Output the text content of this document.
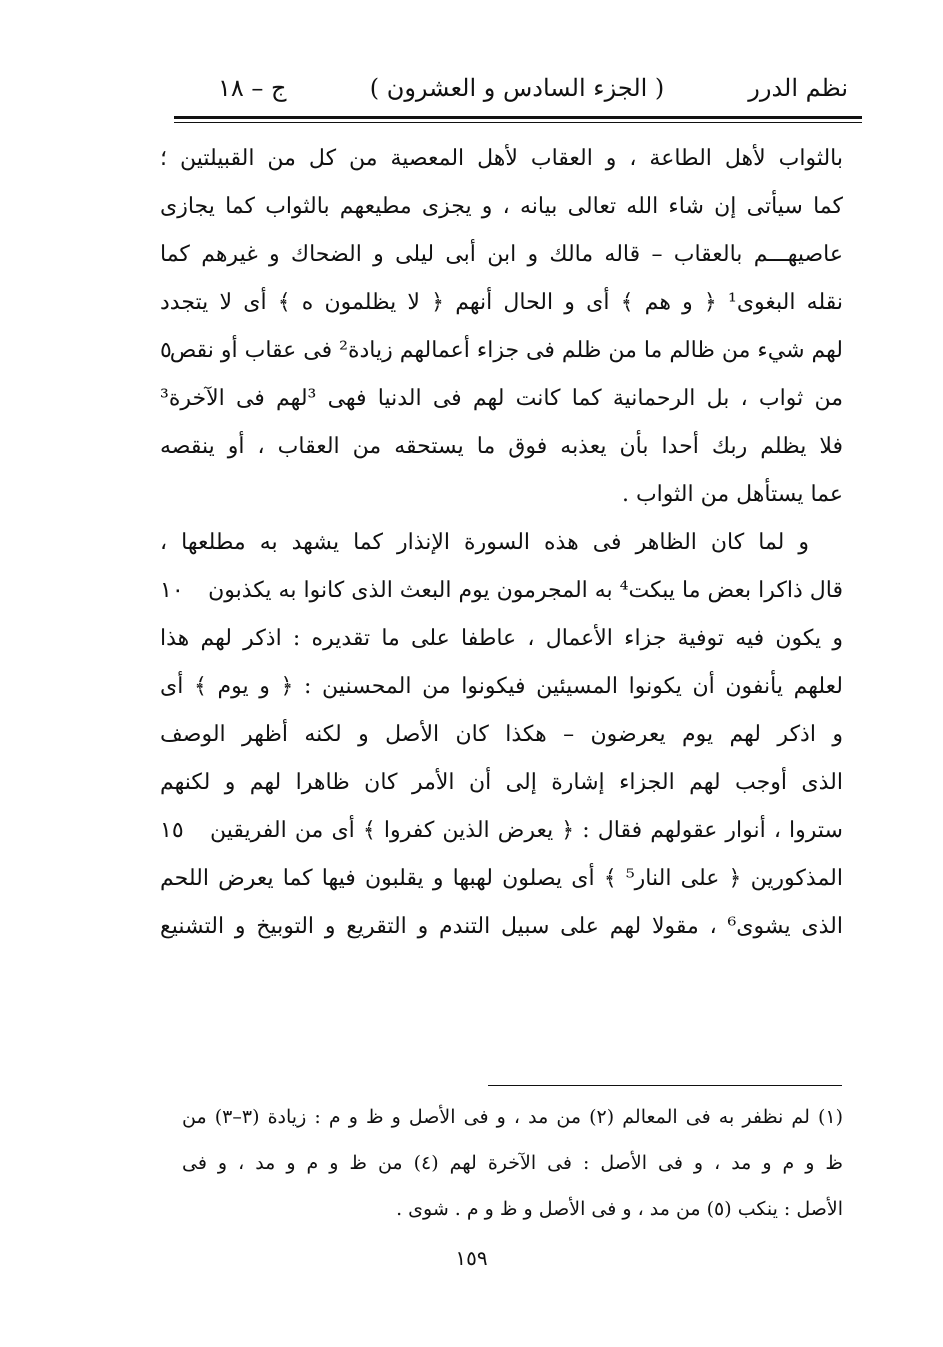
نظم الدرر
( الجزء السادس و العشرون )
ج – ١٨
بالثواب لأهل الطاعة ، و العقاب لأهل المعصية من كل من القبيلتين ؛
كما سيأتى إن شاء الله تعالى بيانه ، و يجزى مطيعهم بالثواب كما يجازى
عاصيهـــم بالعقاب – قاله مالك و ابن أبى ليلى و الضحاك و غيرهم كما
نقله البغوى¹ ﴿ و هم ﴾ أى و الحال أنهم ﴿ لا يظلمون ه ﴾ أى لا يتجدد
لهم شيء من ظالم ما من ظلم فى جزاء أعمالهم زيادة² فى عقاب أو نقص
٥
من ثواب ، بل الرحمانية كما كانت لهم فى الدنيا فهى ³لهم فى الآخرة³
فلا يظلم ربك أحدا بأن يعذبه فوق ما يستحقه من العقاب ، أو ينقصه
عما يستأهل من الثواب .
و لما كان الظاهر فى هذه السورة الإنذار كما يشهد به مطلعها ،
قال ذاكرا بعض ما يبكت⁴ به المجرمون يوم البعث الذى كانوا به يكذبون
١٠
و يكون فيه توفية جزاء الأعمال ، عاطفا على ما تقديره : اذكر لهم هذا
لعلهم يأنفون أن يكونوا المسيئين فيكونوا من المحسنين : ﴿ و يوم ﴾ أى
و اذكر لهم يوم يعرضون – هكذا كان الأصل و لكنه أظهر الوصف
الذى أوجب لهم الجزاء إشارة إلى أن الأمر كان ظاهرا لهم و لكنهم
ستروا ، أنوار عقولهم فقال : ﴿ يعرض الذين كفروا ﴾ أى من الفريقين
١٥
المذكورين ﴿ على النار⁵ ﴾ أى يصلون لهبها و يقلبون فيها كما يعرض اللحم
الذى يشوى⁶ ، مقولا لهم على سبيل التندم و التقريع و التوبيخ و التشنيع
(١) لم نظفر به فى المعالم (٢) من مد ، و فى الأصل و ظ و م : زيادة (٣–٣) من
ظ و م و مد ، و فى الأصل : فى الآخرة لهم (٤) من ظ و م و مد ، و فى
الأصل : ينكب (٥) من مد ، و فى الأصل و ظ و م . شوى .
١٥٩
